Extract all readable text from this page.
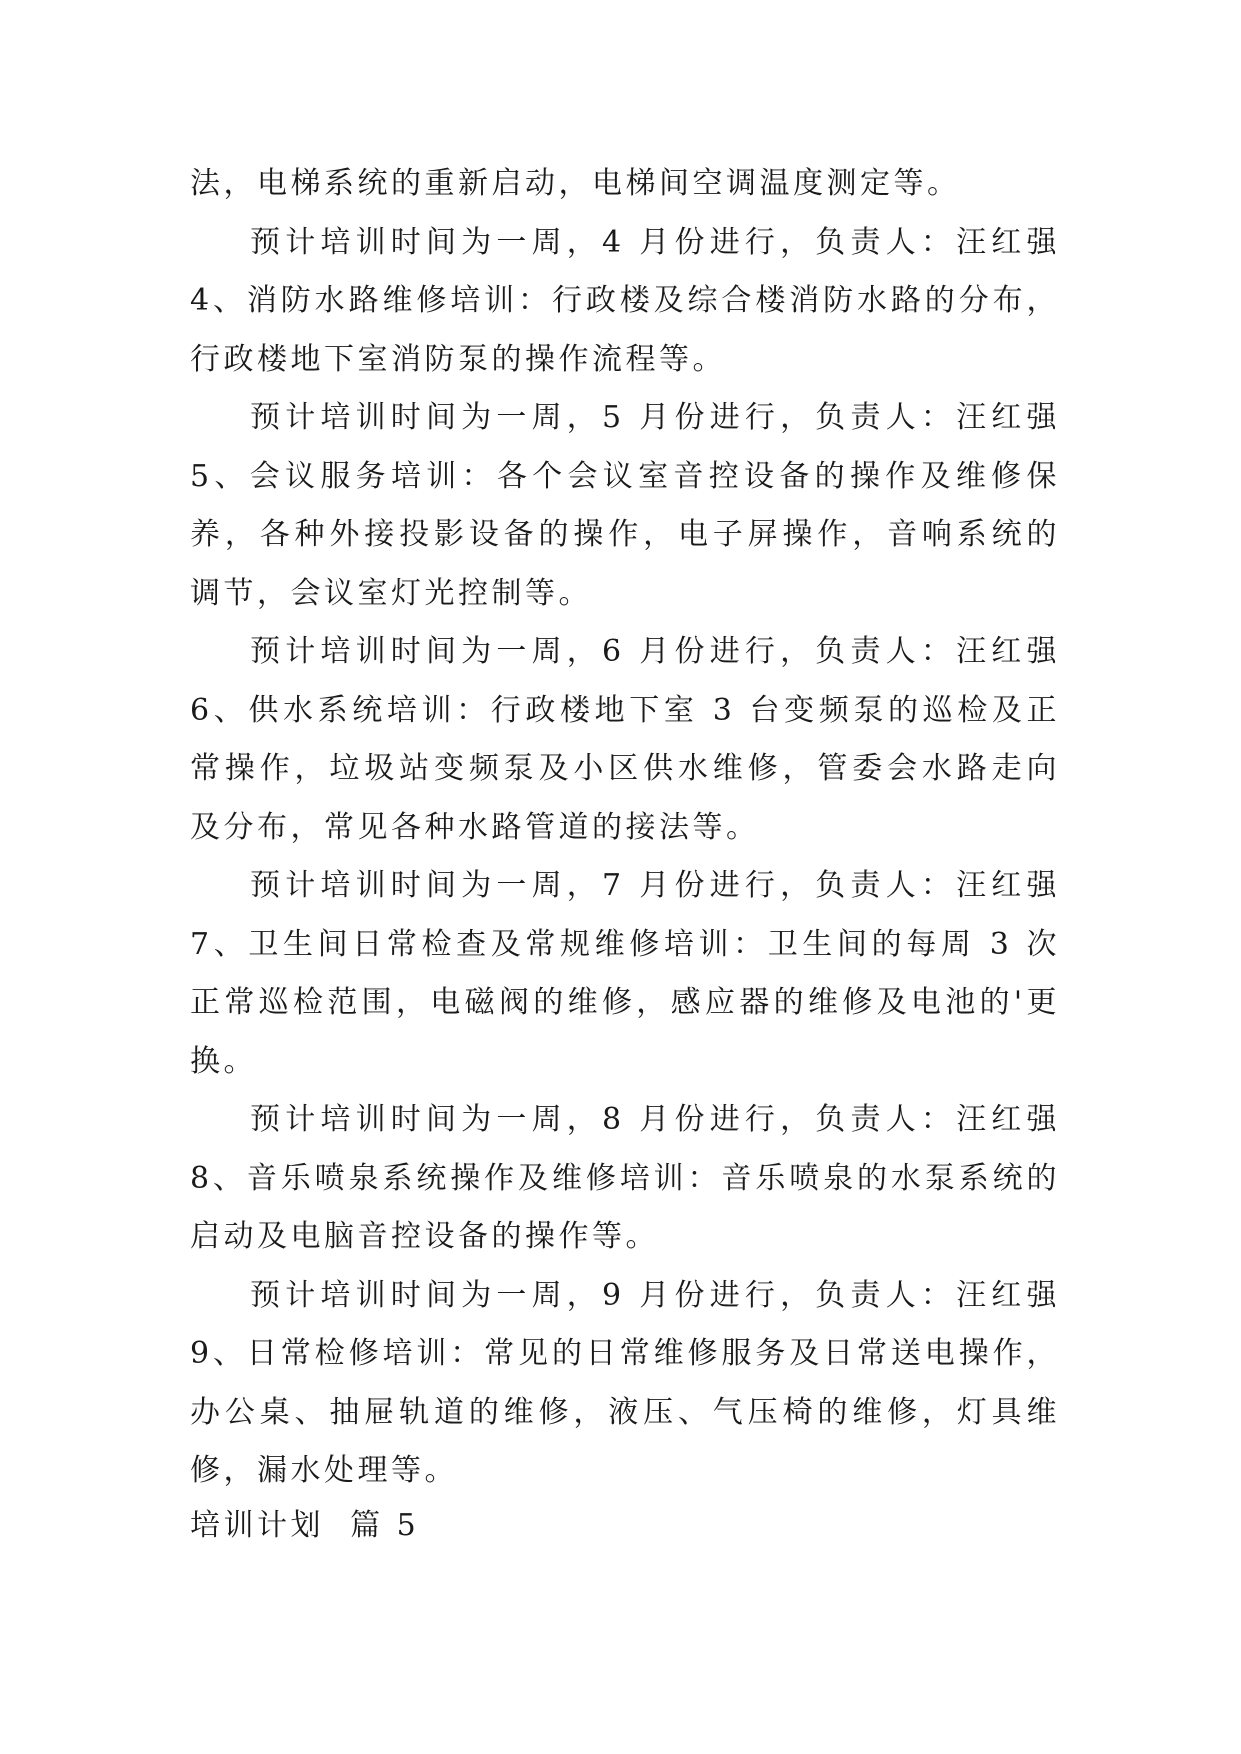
法，电梯系统的重新启动，电梯间空调温度测定等。

预计培训时间为一周，4 月份进行，负责人：汪红强 4、消防水路维修培训：行政楼及综合楼消防水路的分布，行政楼地下室消防泵的操作流程等。

预计培训时间为一周，5 月份进行，负责人：汪红强 5、会议服务培训：各个会议室音控设备的操作及维修保养，各种外接投影设备的操作，电子屏操作，音响系统的调节，会议室灯光控制等。

预计培训时间为一周，6 月份进行，负责人：汪红强 6、供水系统培训：行政楼地下室 3 台变频泵的巡检及正常操作，垃圾站变频泵及小区供水维修，管委会水路走向及分布，常见各种水路管道的接法等。

预计培训时间为一周，7 月份进行，负责人：汪红强 7、卫生间日常检查及常规维修培训：卫生间的每周 3 次正常巡检范围，电磁阀的维修，感应器的维修及电池的'更换。

预计培训时间为一周，8 月份进行，负责人：汪红强 8、音乐喷泉系统操作及维修培训：音乐喷泉的水泵系统的启动及电脑音控设备的操作等。

预计培训时间为一周，9 月份进行，负责人：汪红强 9、日常检修培训：常见的日常维修服务及日常送电操作，办公桌、抽屉轨道的维修，液压、气压椅的维修，灯具维修，漏水处理等。

培训计划  篇 5
